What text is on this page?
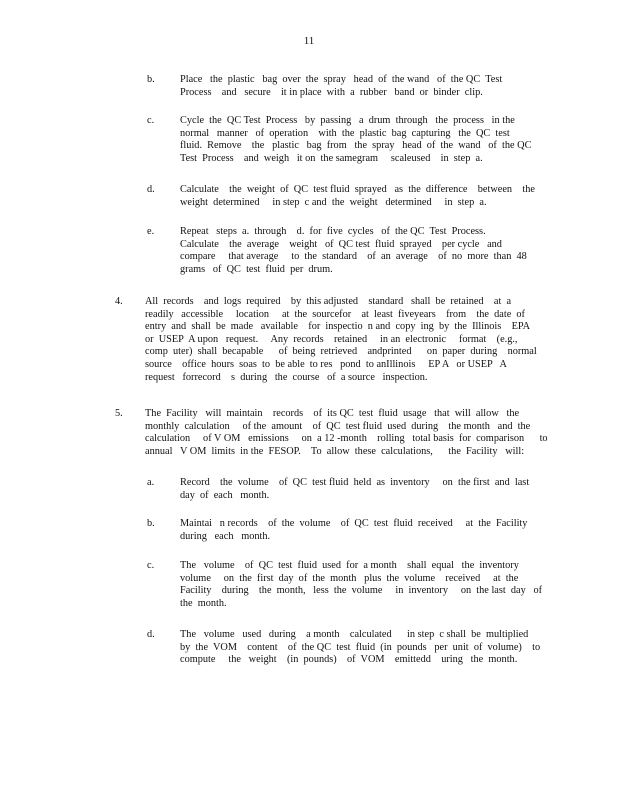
11
b. Place   the  plastic   bag  over  the  spray   head  of  the wand   of  the QC  Test
Process    and   secure    it in place  with  a  rubber   band  or  binder  clip.
c.	Cycle  the  QC Test  Process   by  passing   a  drum  through   the  process   in the
normal   manner   of  operation    with  the  plastic  bag  capturing   the  QC  test
fluid.  Remove    the   plastic   bag  from   the  spray   head  of  the  wand   of  the QC
Test  Process    and  weigh   it on  the samegram     scaleused    in  step  a.
d. Calculate    the  weight  of  QC  test fluid  sprayed   as  the  difference    between    the
weight  determined     in step  c and  the  weight   determined     in  step  a.
e.	Repeat   steps  a.  through    d.  for  five  cycles   of  the QC  Test  Process.
Calculate    the  average    weight   of  QC test  fluid  sprayed    per cycle   and
compare     that average     to  the  standard    of  an  average    of  no  more  than  48
grams   of  QC  test  fluid  per  drum.
4. All  records    and  logs  required    by  this adjusted    standard   shall  be  retained    at  a
readily   accessible     location     at  the  sourcefor    at  least  fiveyears    from    the  date  of
entry  and  shall  be  made   available    for  inspectio  n and  copy  ing  by  the  Illinois    EPA
or  USEP  A upon   request.     Any  records    retained     in an  electronic     format    (e.g.,
comp  uter)  shall  becapable      of  being  retrieved    andprinted      on  paper  during    normal
source    office  hours  soas  to  be able  to res   pond  to anIllinois     EP A   or USEP   A
request   forrecord    s  during   the  course   of  a source   inspection.
5. The  Facility   will  maintain    records    of  its QC  test  fluid  usage   that  will  allow   the
monthly  calculation     of the  amount    of  QC  test fluid  used  during    the month   and  the
calculation     of V OM   emissions     on  a 12 -month    rolling   total basis  for  comparison      to
annual   V OM  limits  in the  FESOP.    To  allow  these  calculations,      the  Facility   will:
a.	Record    the  volume    of  QC  test fluid  held  as  inventory     on  the first  and  last
day  of  each   month.
b. Maintai   n records    of  the  volume    of  QC  test  fluid  received     at  the  Facility
during   each   month.
c.	The   volume    of  QC  test  fluid  used  for  a month    shall  equal   the  inventory
volume     on  the  first  day  of  the  month   plus  the  volume    received     at  the
Facility    during    the  month,   less  the  volume     in  inventory     on  the last  day   of
the  month.
d. The   volume   used   during    a month    calculated      in step  c shall  be  multiplied
by  the  VOM    content    of  the QC  test  fluid  (in  pounds   per  unit  of  volume)    to
compute     the   weight    (in  pounds)    of  VOM    emittedd    uring   the  month.
